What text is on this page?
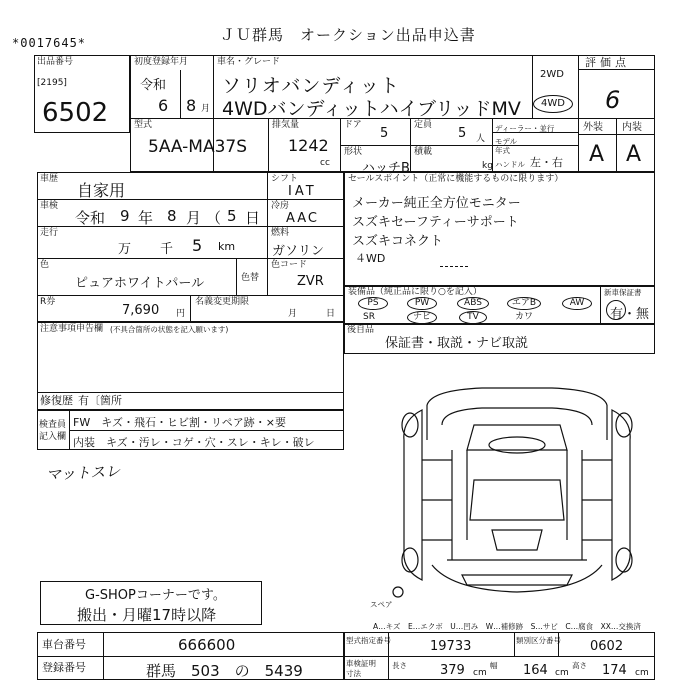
*0017645*	ＪＵ群馬　オークション出品申込書
出品番号
[2195]
6502
初度登録年月
令和
6 8 月
車名・グレード
ソリオバンディット
4WDバンディットハイブリッドMV
2WD
4WD
評価点
6
外装 内装
A A
型式
5AA-MA37S
排気量
1242
cc
ドア
5
定員
5 人
ディーラー・並行
形状
ハッチB
積載
kg
モデル
年式
ハンドル 左・右
車歴
自家用
車検
令和 9 年 8 月 （ 5 日
走行
万 千 5 km
色
ピュアホワイトパール	色替
シフト
IAT
冷房
AAC
燃料
ガソリン
色コード
ZVR
R券
7,690 円
名義変更期限
月	日
セールスポイント（正常に機能するものに限ります）
メーカー純正全方位モニター
スズキセーフティーサポート
スズキコネクト
４WD
装備品（純正品に限り○を記入）
PS	PW	ABS	エアB	AW
SR	ナビ	TV	カワ
新車保証書
有・無
注意事項申告欄 (不具合箇所の状態を記入願います)
修復歴 有〔箇所
後自品
保証書・取説・ナビ取説
検査員
記入欄
FW　キズ・飛石・ヒビ割・リペア跡・×要
内装　キズ・汚レ・コゲ・穴・スレ・キレ・破レ
マットスレ
G-SHOPコーナーです。
搬出・月曜17時以降
スペア
A…キズ　E…エクボ　U…凹み　W…補修跡　S…サビ　C…腐食　XX…交換済
車台番号	666600
登録番号	群馬　503　の　5439
型式指定番号	19733	類別区分番号 0602
車検証明
寸法
長さ	379 cm
幅 164 cm
高さ 174 cm
